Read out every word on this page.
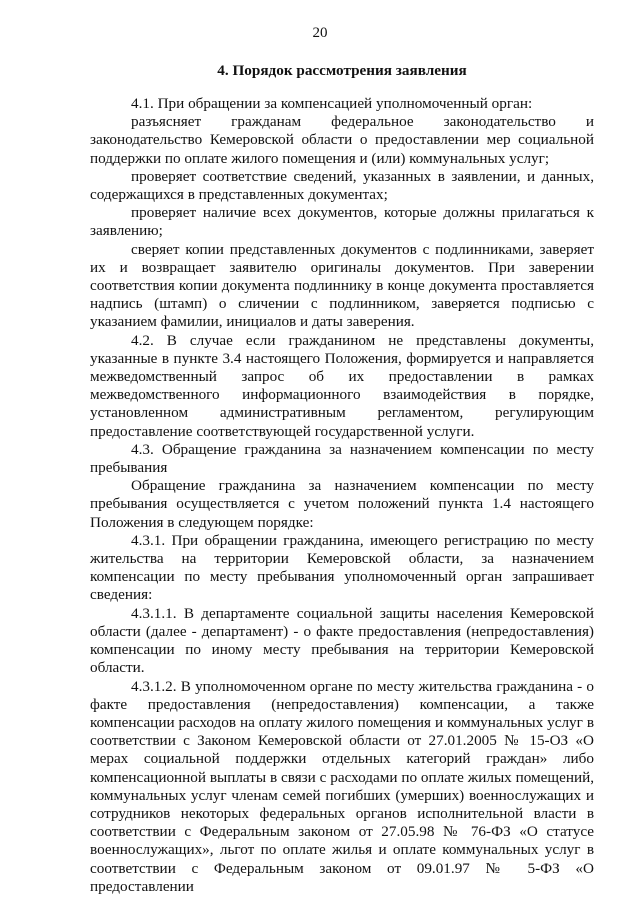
20
4. Порядок рассмотрения заявления

4.1. При обращении за компенсацией уполномоченный орган:

разъясняет гражданам федеральное законодательство и законодательство Кемеровской области о предоставлении мер социальной поддержки по оплате жилого помещения и (или) коммунальных услуг;

проверяет соответствие сведений, указанных в заявлении, и данных, содержащихся в представленных документах;

проверяет наличие всех документов, которые должны прилагаться к заявлению;

сверяет копии представленных документов с подлинниками, заверяет их и возвращает заявителю оригиналы документов. При заверении соответствия копии документа подлиннику в конце документа проставляется надпись (штамп) о сличении с подлинником, заверяется подписью с указанием фамилии, инициалов и даты заверения.

4.2. В случае если гражданином не представлены документы, указанные в пункте 3.4 настоящего Положения, формируется и направляется межведомственный запрос об их предоставлении в рамках межведомственного информационного взаимодействия в порядке, установленном административным регламентом, регулирующим предоставление соответствующей государственной услуги.

4.3. Обращение гражданина за назначением компенсации по месту пребывания

Обращение гражданина за назначением компенсации по месту пребывания осуществляется с учетом положений пункта 1.4 настоящего Положения в следующем порядке:

4.3.1. При обращении гражданина, имеющего регистрацию по месту жительства на территории Кемеровской области, за назначением компенсации по месту пребывания уполномоченный орган запрашивает сведения:

4.3.1.1. В департаменте социальной защиты населения Кемеровской области (далее - департамент) - о факте предоставления (непредоставления) компенсации по иному месту пребывания на территории Кемеровской области.

4.3.1.2. В уполномоченном органе по месту жительства гражданина - о факте предоставления (непредоставления) компенсации, а также компенсации расходов на оплату жилого помещения и коммунальных услуг в соответствии с Законом Кемеровской области от 27.01.2005 № 15-ОЗ «О мерах социальной поддержки отдельных категорий граждан» либо компенсационной выплаты в связи с расходами по оплате жилых помещений, коммунальных услуг членам семей погибших (умерших) военнослужащих и сотрудников некоторых федеральных органов исполнительной власти в соответствии с Федеральным законом от 27.05.98 № 76-ФЗ «О статусе военнослужащих», льгот по оплате жилья и оплате коммунальных услуг в соответствии с Федеральным законом от 09.01.97 № 5-ФЗ «О предоставлении
